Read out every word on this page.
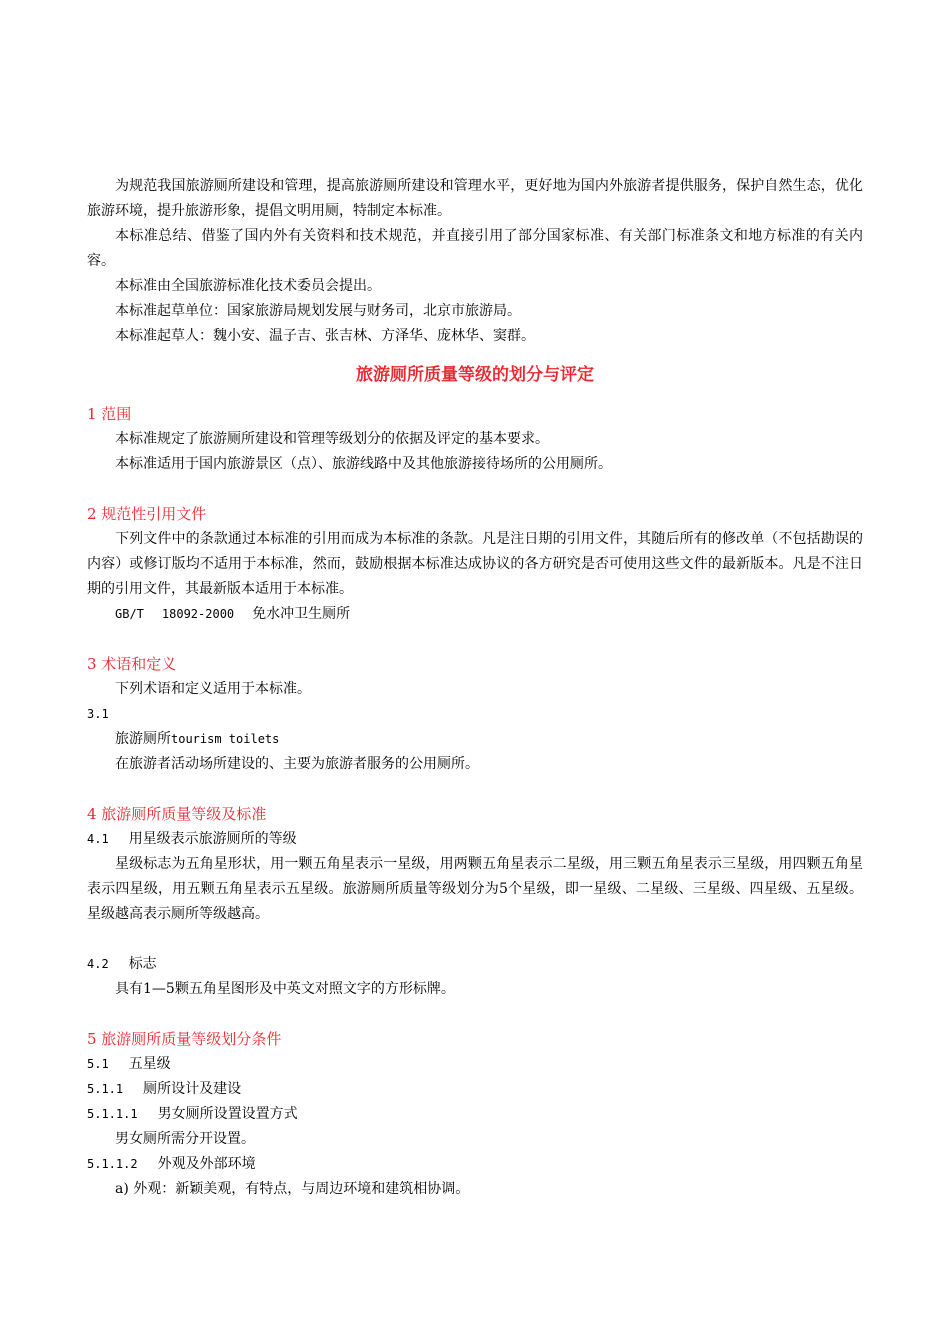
为规范我国旅游厕所建设和管理，提高旅游厕所建设和管理水平，更好地为国内外旅游者提供服务，保护自然生态，优化旅游环境，提升旅游形象，提倡文明用厕，特制定本标准。

本标准总结、借鉴了国内外有关资料和技术规范，并直接引用了部分国家标准、有关部门标准条文和地方标准的有关内容。

本标准由全国旅游标准化技术委员会提出。

本标准起草单位：国家旅游局规划发展与财务司，北京市旅游局。

本标准起草人：魏小安、温子吉、张吉林、方泽华、庞林华、窦群。

旅游厕所质量等级的划分与评定

1 范围

本标准规定了旅游厕所建设和管理等级划分的依据及评定的基本要求。

本标准适用于国内旅游景区（点）、旅游线路中及其他旅游接待场所的公用厕所。

2 规范性引用文件

下列文件中的条款通过本标准的引用而成为本标准的条款。凡是注日期的引用文件，其随后所有的修改单（不包括勘误的内容）或修订版均不适用于本标准，然而，鼓励根据本标准达成协议的各方研究是否可使用这些文件的最新版本。凡是不注日期的引用文件，其最新版本适用于本标准。

GB/T 18092-2000 免水冲卫生厕所

3 术语和定义

下列术语和定义适用于本标准。

3.1

旅游厕所tourism toilets

在旅游者活动场所建设的、主要为旅游者服务的公用厕所。

4 旅游厕所质量等级及标准

4.1 用星级表示旅游厕所的等级

星级标志为五角星形状，用一颗五角星表示一星级，用两颗五角星表示二星级，用三颗五角星表示三星级，用四颗五角星表示四星级，用五颗五角星表示五星级。旅游厕所质量等级划分为5个星级，即一星级、二星级、三星级、四星级、五星级。星级越高表示厕所等级越高。

4.2 标志

具有1—5颗五角星图形及中英文对照文字的方形标牌。

5 旅游厕所质量等级划分条件

5.1 五星级

5.1.1 厕所设计及建设

5.1.1.1 男女厕所设置设置方式

男女厕所需分开设置。

5.1.1.2 外观及外部环境

a) 外观：新颖美观，有特点，与周边环境和建筑相协调。
